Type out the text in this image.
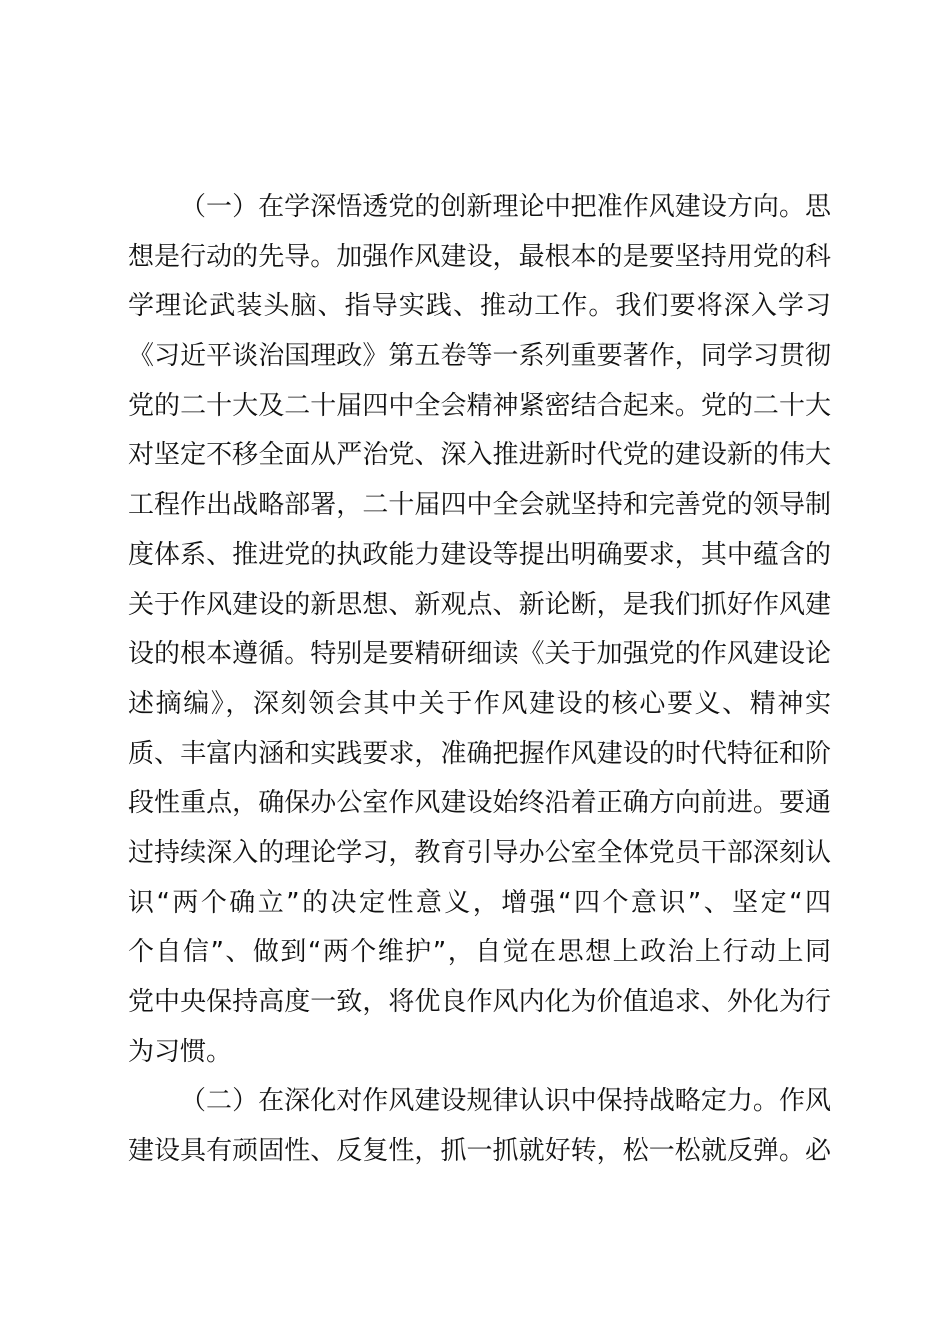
（一）在学深悟透党的创新理论中把准作风建设方向。思
想是行动的先导。加强作风建设，最根本的是要坚持用党的科
学理论武装头脑、指导实践、推动工作。我们要将深入学习
《习近平谈治国理政》第五卷等一系列重要著作，同学习贯彻
党的二十大及二十届四中全会精神紧密结合起来。党的二十大
对坚定不移全面从严治党、深入推进新时代党的建设新的伟大
工程作出战略部署，二十届四中全会就坚持和完善党的领导制
度体系、推进党的执政能力建设等提出明确要求，其中蕴含的
关于作风建设的新思想、新观点、新论断，是我们抓好作风建
设的根本遵循。特别是要精研细读《关于加强党的作风建设论
述摘编》，深刻领会其中关于作风建设的核心要义、精神实
质、丰富内涵和实践要求，准确把握作风建设的时代特征和阶
段性重点，确保办公室作风建设始终沿着正确方向前进。要通
过持续深入的理论学习，教育引导办公室全体党员干部深刻认
识“两个确立”的决定性意义，增强“四个意识”、坚定“四
个自信”、做到“两个维护”，自觉在思想上政治上行动上同
党中央保持高度一致，将优良作风内化为价值追求、外化为行
为习惯。
（二）在深化对作风建设规律认识中保持战略定力。作风
建设具有顽固性、反复性，抓一抓就好转，松一松就反弹。必
